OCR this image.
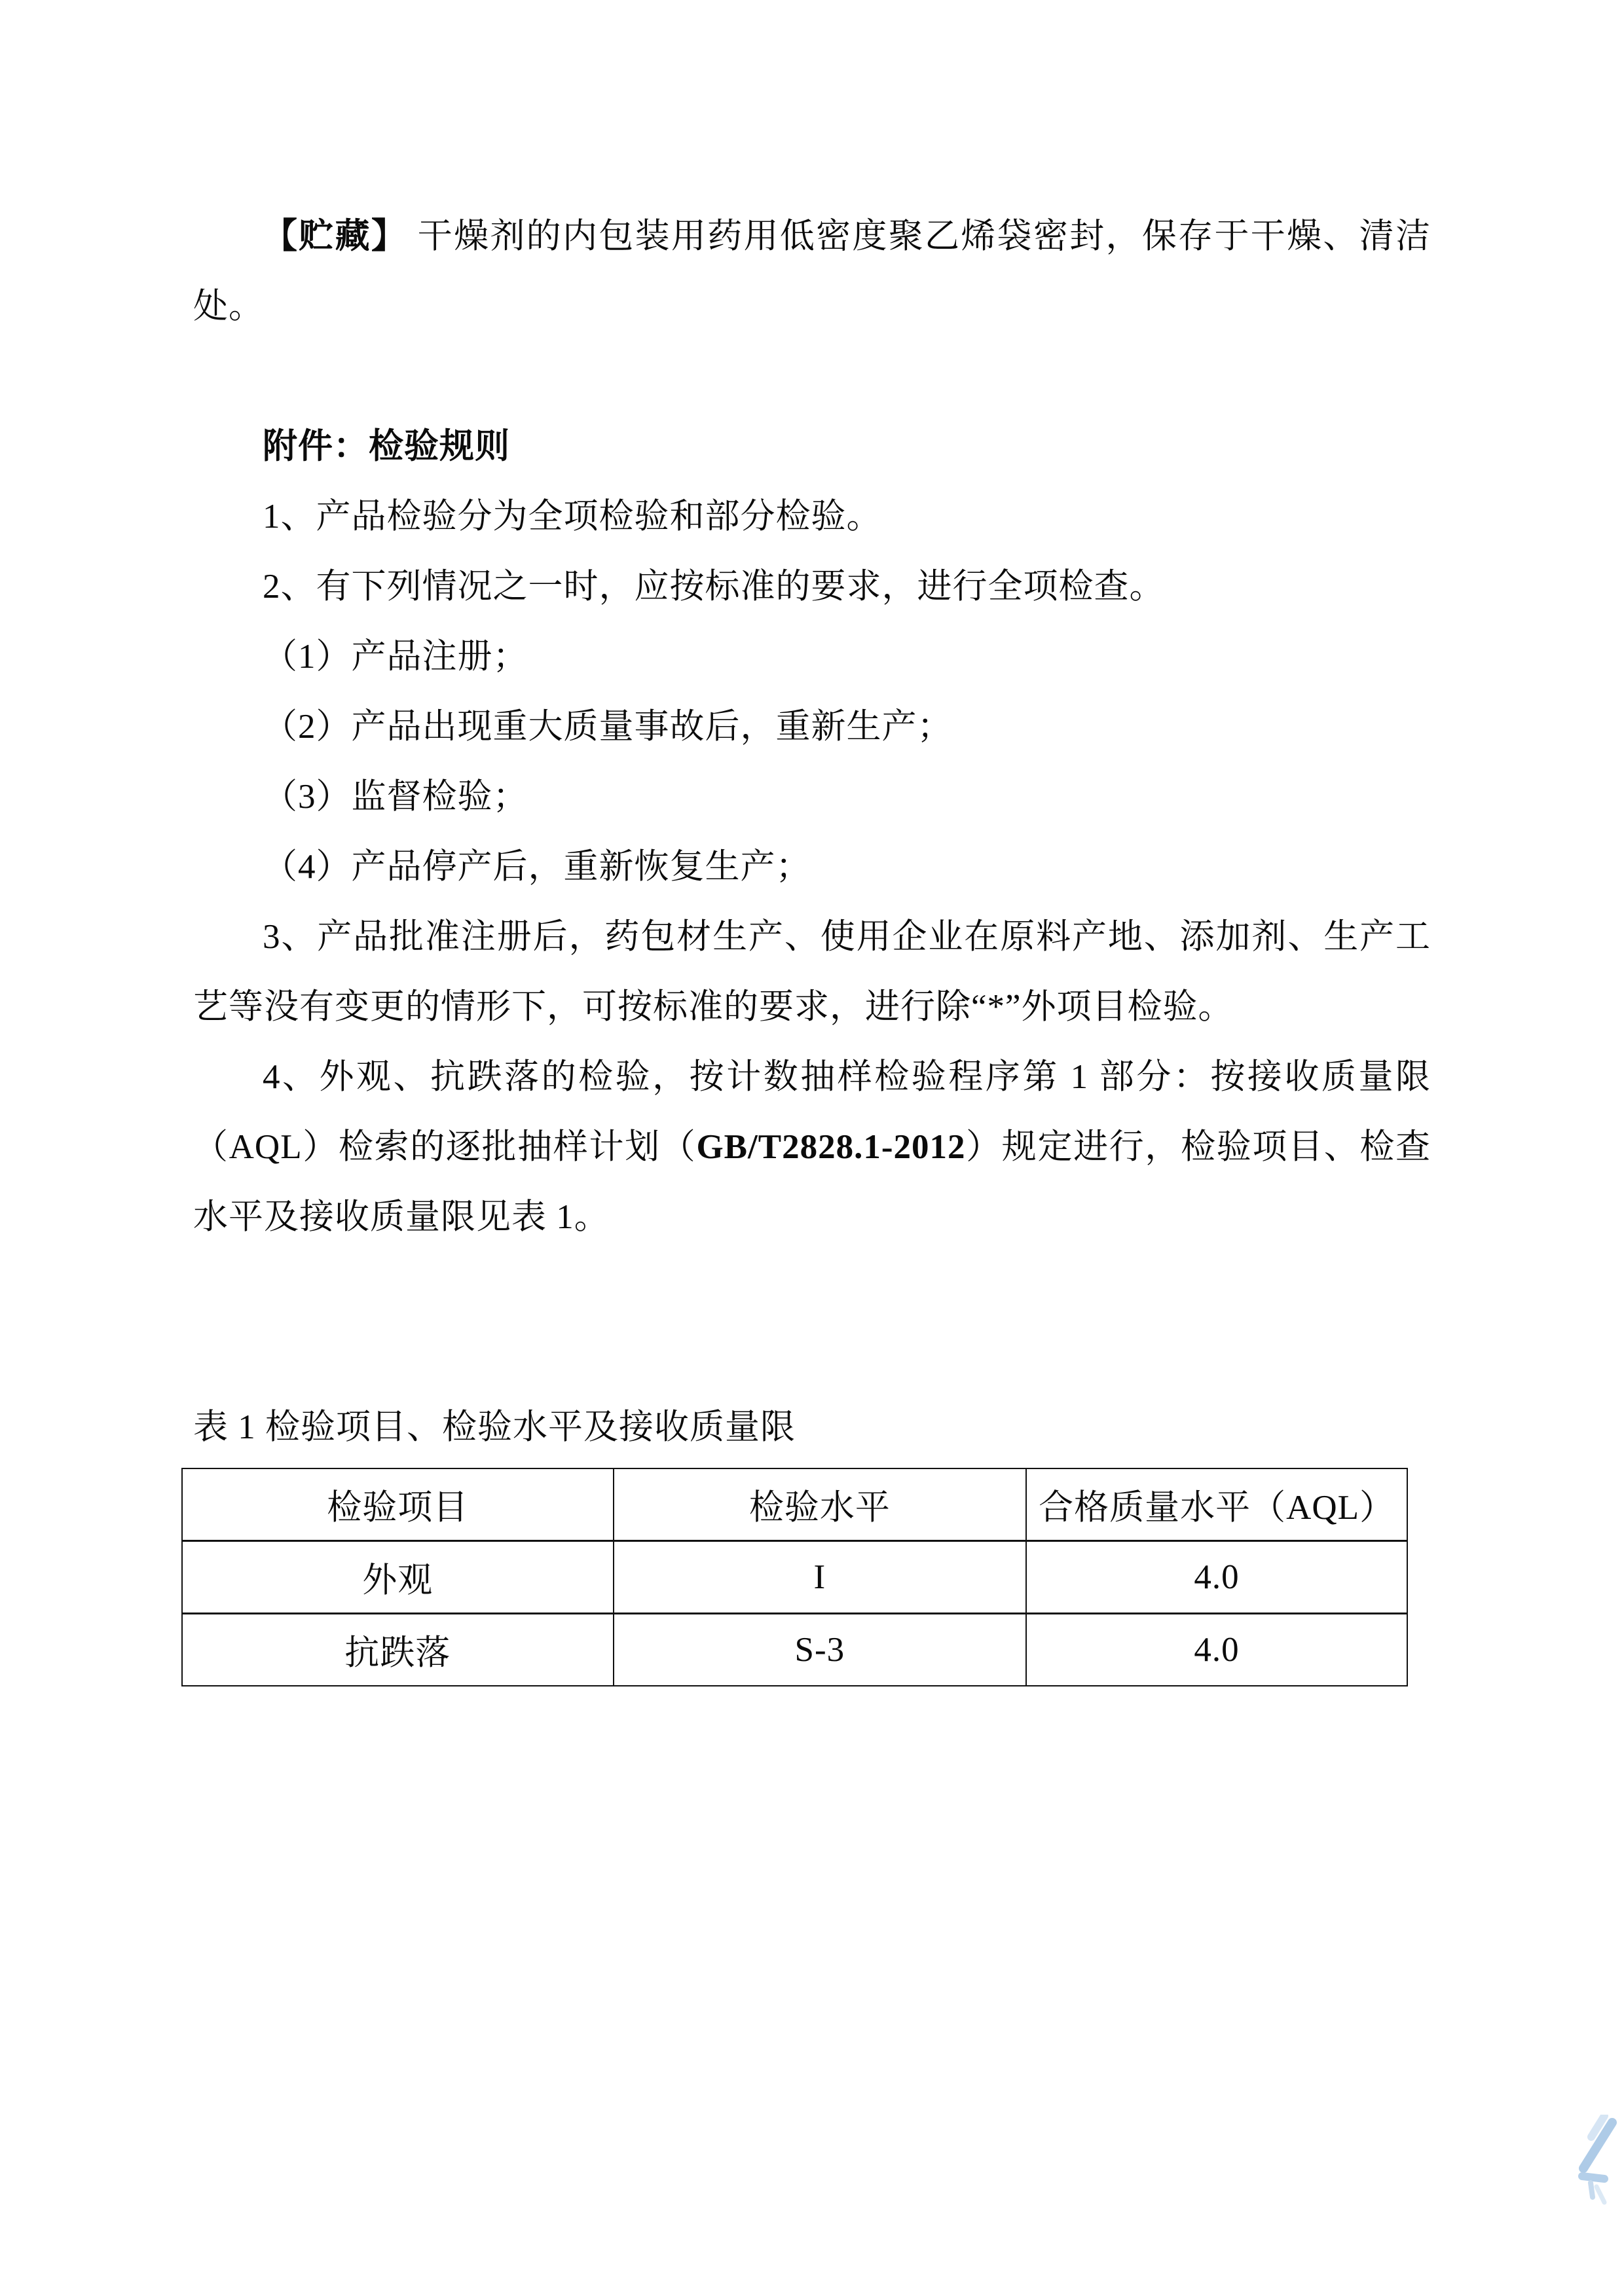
【贮藏】 干燥剂的内包装用药用低密度聚乙烯袋密封，保存于干燥、清洁处。

附件：检验规则

1、产品检验分为全项检验和部分检验。

2、有下列情况之一时，应按标准的要求，进行全项检查。

（1）产品注册；

（2）产品出现重大质量事故后，重新生产；

（3）监督检验；

（4）产品停产后，重新恢复生产；

3、产品批准注册后，药包材生产、使用企业在原料产地、添加剂、生产工艺等没有变更的情形下，可按标准的要求，进行除“*”外项目检验。

4、外观、抗跌落的检验，按计数抽样检验程序第 1 部分：按接收质量限（AQL）检索的逐批抽样计划（GB/T2828.1-2012）规定进行，检验项目、检查水平及接收质量限见表 1。

表 1 检验项目、检验水平及接收质量限

检验项目	检验水平	合格质量水平（AQL）
外观	I	4.0
抗跌落	S-3	4.0
